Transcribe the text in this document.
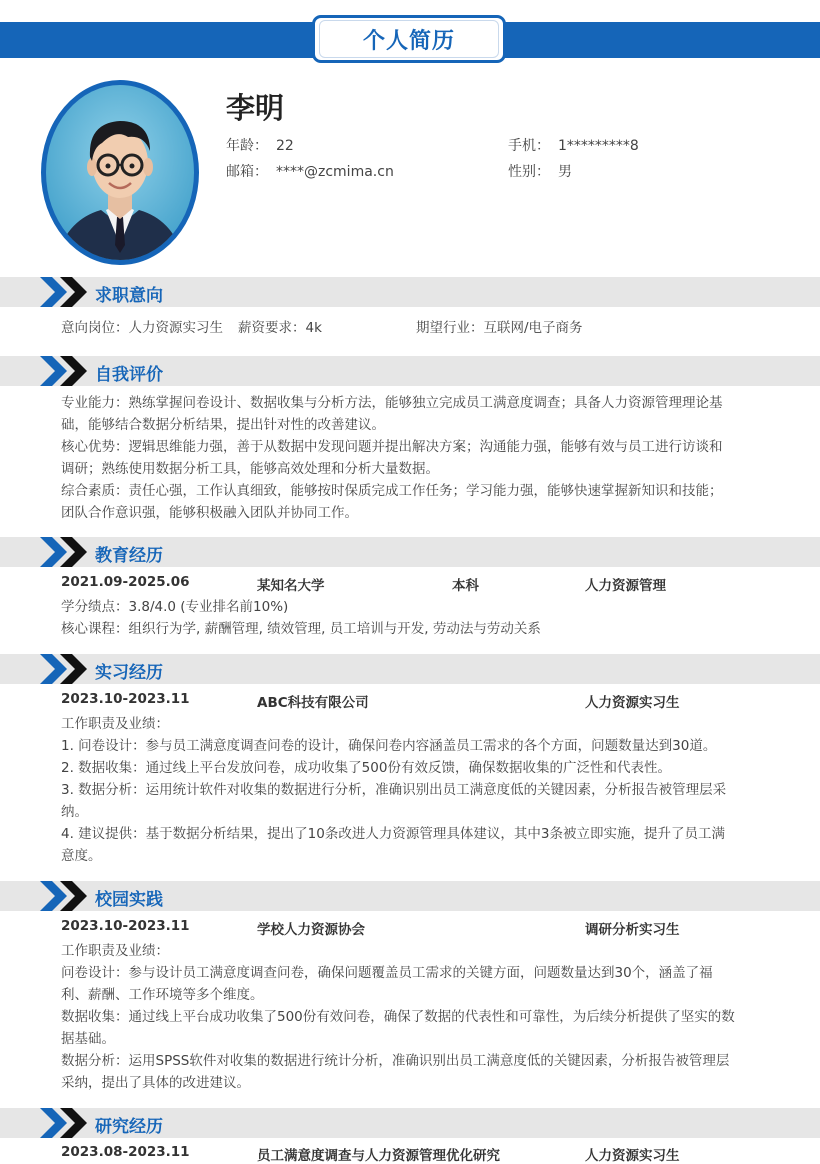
个人简历
李明
年龄： 22	手机： 1*********8
邮箱： ****@zcmima.cn	性别： 男
求职意向
意向岗位：人力资源实习生 薪资要求：4k	期望行业：互联网/电子商务
自我评价
专业能力：熟练掌握问卷设计、数据收集与分析方法，能够独立完成员工满意度调查；具备人力资源管理理论基
础，能够结合数据分析结果，提出针对性的改善建议。
核心优势：逻辑思维能力强，善于从数据中发现问题并提出解决方案；沟通能力强，能够有效与员工进行访谈和
调研；熟练使用数据分析工具，能够高效处理和分析大量数据。
综合素质：责任心强，工作认真细致，能够按时保质完成工作任务；学习能力强，能够快速掌握新知识和技能；
团队合作意识强，能够积极融入团队并协同工作。
教育经历
2021.09-2025.06	某知名大学	本科	人力资源管理
学分绩点：3.8/4.0 (专业排名前10%)
核心课程：组织行为学, 薪酬管理, 绩效管理, 员工培训与开发, 劳动法与劳动关系
实习经历
2023.10-2023.11	ABC科技有限公司	人力资源实习生
工作职责及业绩：
1. 问卷设计：参与员工满意度调查问卷的设计，确保问卷内容涵盖员工需求的各个方面，问题数量达到30道。
2. 数据收集：通过线上平台发放问卷，成功收集了500份有效反馈，确保数据收集的广泛性和代表性。
3. 数据分析：运用统计软件对收集的数据进行分析，准确识别出员工满意度低的关键因素，分析报告被管理层采
纳。
4. 建议提供：基于数据分析结果，提出了10条改进人力资源管理具体建议，其中3条被立即实施，提升了员工满
意度。
校园实践
2023.10-2023.11	学校人力资源协会	调研分析实习生
工作职责及业绩：
问卷设计：参与设计员工满意度调查问卷，确保问题覆盖员工需求的关键方面，问题数量达到30个，涵盖了福
利、薪酬、工作环境等多个维度。
数据收集：通过线上平台成功收集了500份有效问卷，确保了数据的代表性和可靠性，为后续分析提供了坚实的数
据基础。
数据分析：运用SPSS软件对收集的数据进行统计分析，准确识别出员工满意度低的关键因素，分析报告被管理层
采纳，提出了具体的改进建议。
研究经历
2023.08-2023.11	员工满意度调查与人力资源管理优化研究	人力资源实习生
